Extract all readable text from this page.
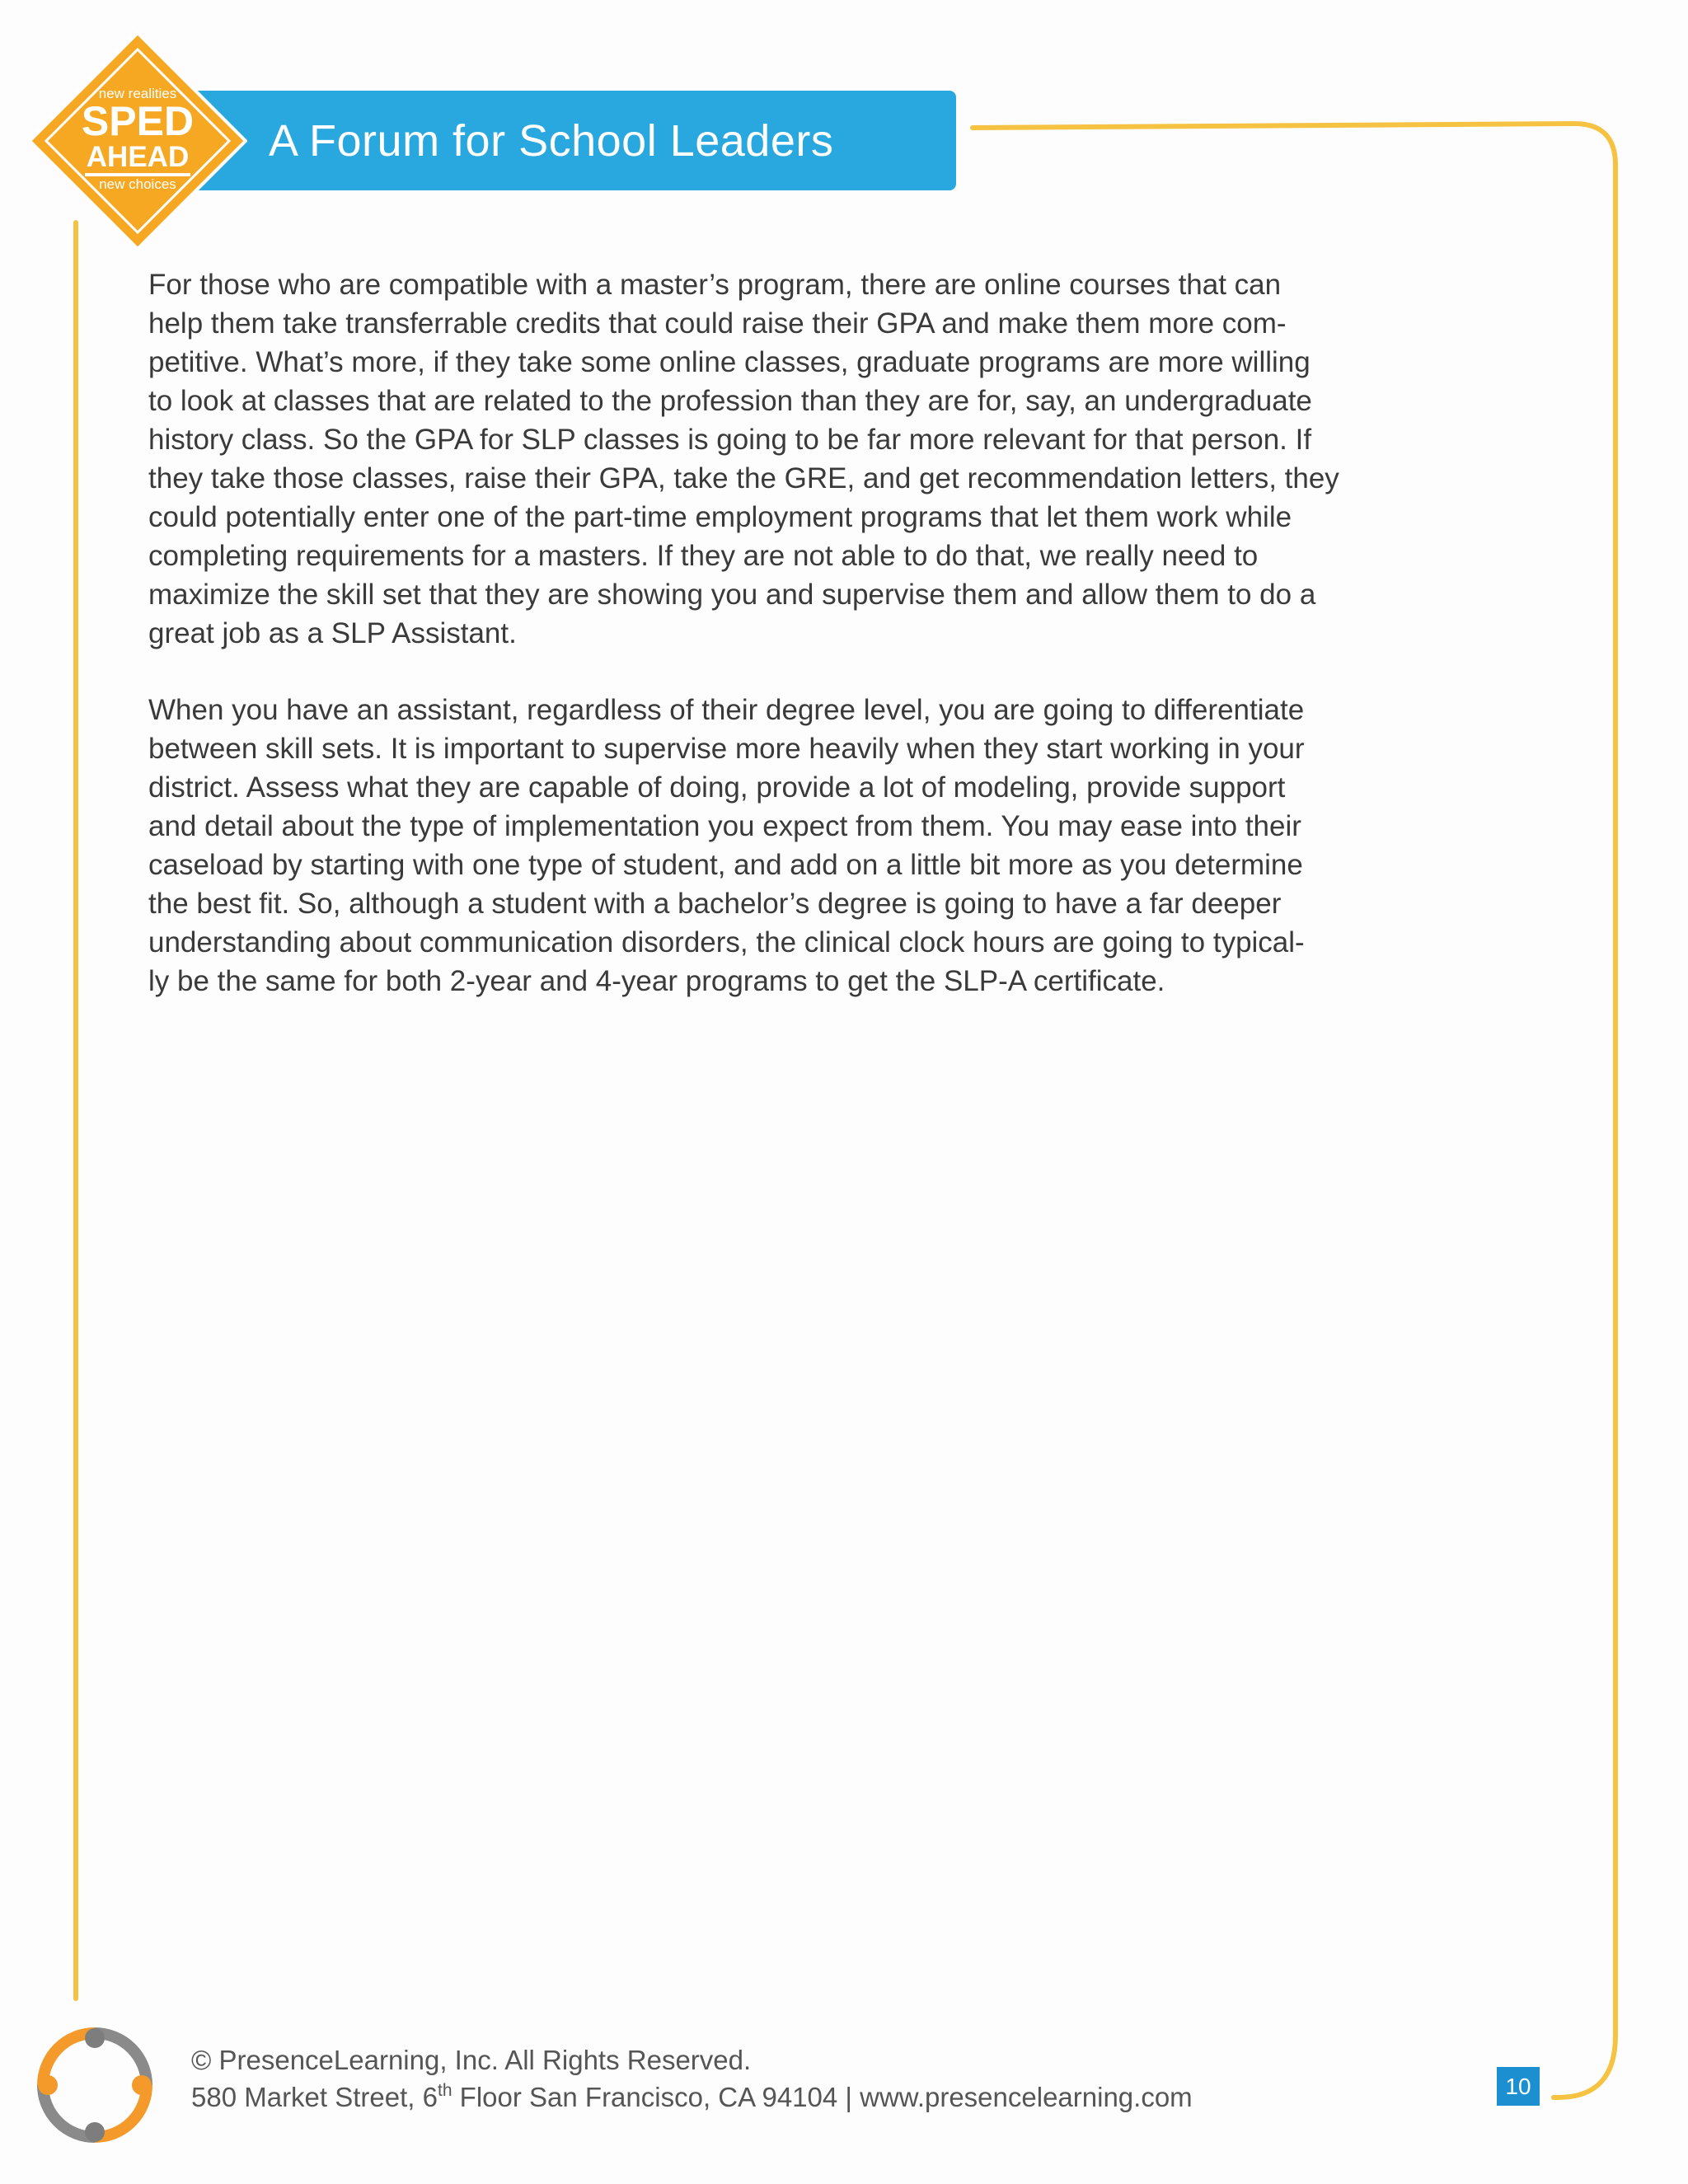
A Forum for School Leaders
new realities
SPED
AHEAD
new choices

For those who are compatible with a master’s program, there are online courses that can
help them take transferrable credits that could raise their GPA and make them more com-
petitive. What’s more, if they take some online classes, graduate programs are more willing
to look at classes that are related to the profession than they are for, say, an undergraduate
history class. So the GPA for SLP classes is going to be far more relevant for that person. If
they take those classes, raise their GPA, take the GRE, and get recommendation letters, they
could potentially enter one of the part-time employment programs that let them work while
completing requirements for a masters. If they are not able to do that, we really need to
maximize the skill set that they are showing you and supervise them and allow them to do a
great job as a SLP Assistant.

When you have an assistant, regardless of their degree level, you are going to differentiate
between skill sets. It is important to supervise more heavily when they start working in your
district. Assess what they are capable of doing, provide a lot of modeling, provide support
and detail about the type of implementation you expect from them. You may ease into their
caseload by starting with one type of student, and add on a little bit more as you determine
the best fit. So, although a student with a bachelor’s degree is going to have a far deeper
understanding about communication disorders, the clinical clock hours are going to typical-
ly be the same for both 2-year and 4-year programs to get the SLP-A certificate.

© PresenceLearning, Inc. All Rights Reserved.
580 Market Street, 6th Floor San Francisco, CA 94104 | www.presencelearning.com	10
